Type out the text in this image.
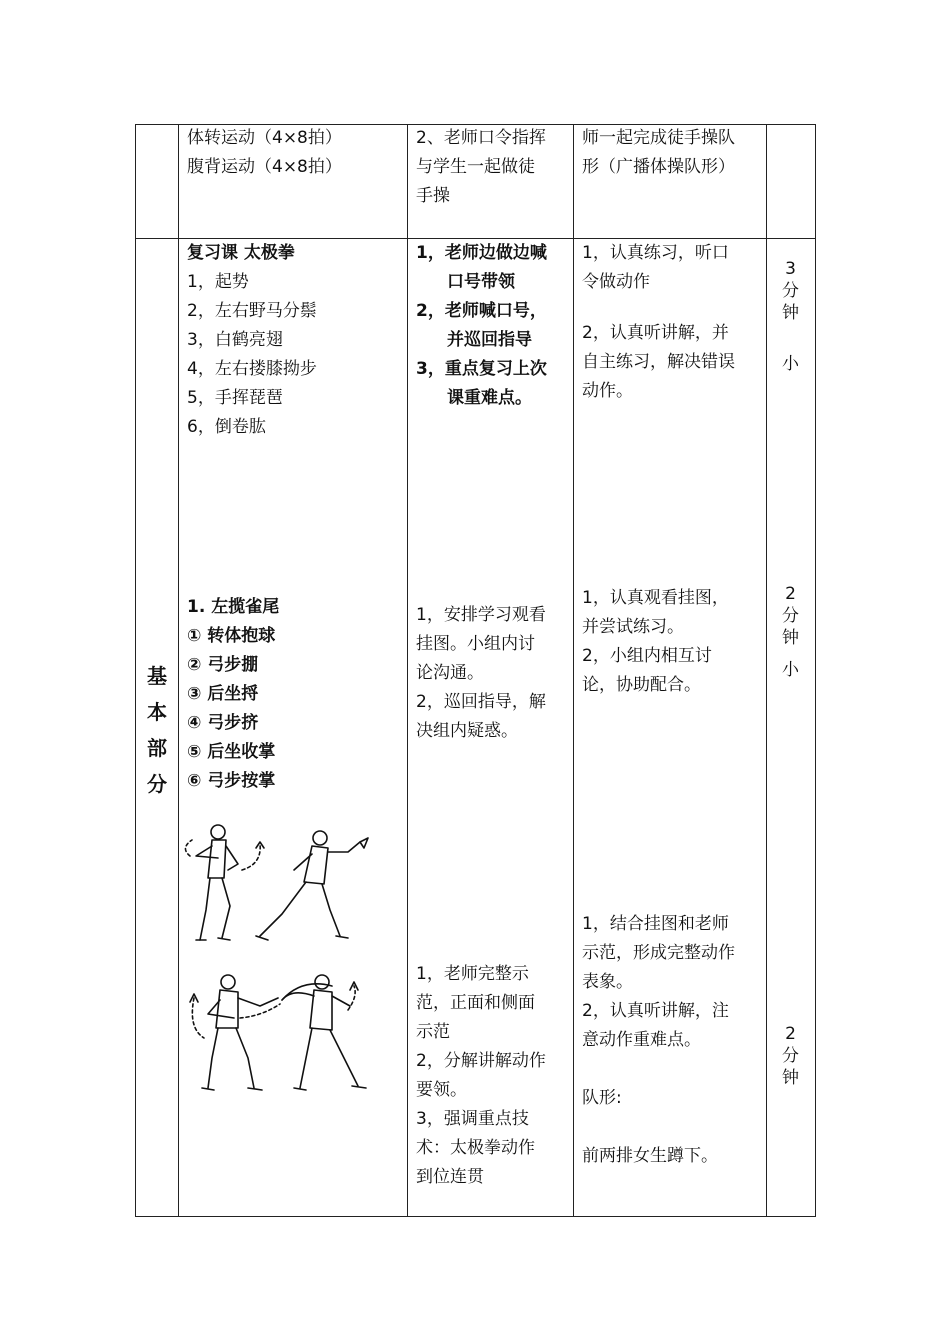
体转运动（4×8拍）
腹背运动（4×8拍）
2、老师口令指挥
与学生一起做徒
手操
师一起完成徒手操队
形（广播体操队形）
基
本
部
分
复习课 太极拳
1，起势
2，左右野马分鬃
3，白鹤亮翅
4，左右搂膝拗步
5，手挥琵琶
6，倒卷肱
1，老师边做边喊
口号带领
2，老师喊口号，
并巡回指导
3，重点复习上次
课重难点。
1，认真练习，听口
令做动作
2，认真听讲解，并
自主练习，解决错误
动作。
3
分
钟
小
1. 左揽雀尾
① 转体抱球
② 弓步掤
③ 后坐捋
④ 弓步挤
⑤ 后坐收掌
⑥ 弓步按掌
1，安排学习观看
挂图。小组内讨
论沟通。
2，巡回指导，解
决组内疑惑。
1，认真观看挂图，
并尝试练习。
2，小组内相互讨
论，协助配合。
2
分
钟
小
1，老师完整示
范，正面和侧面
示范
2，分解讲解动作
要领。
3，强调重点技
术：太极拳动作
到位连贯
1，结合挂图和老师
示范，形成完整动作
表象。
2，认真听讲解，注
意动作重难点。
队形:
前两排女生蹲下。
2
分
钟
